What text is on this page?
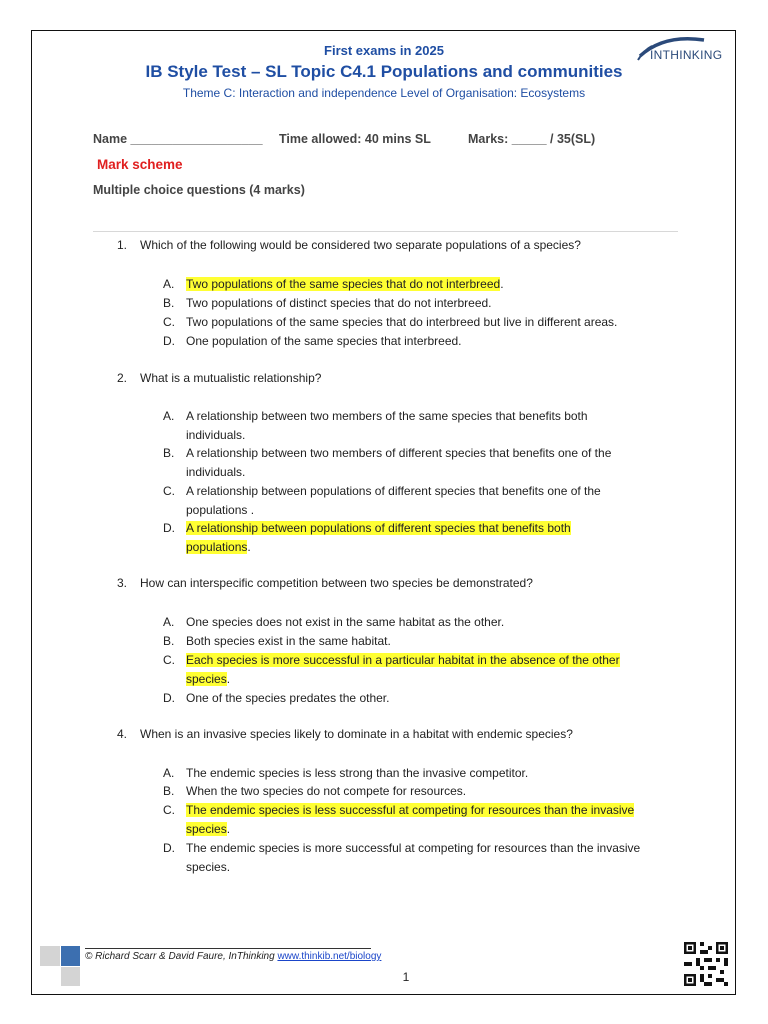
First exams in 2025
IB Style Test – SL Topic C4.1 Populations and communities
Theme C: Interaction and independence Level of Organisation: Ecosystems
INTHINKING
Name ___________________ Time allowed: 40 mins SL	Marks: _____ / 35(SL)
Mark scheme
Multiple choice questions (4 marks)
1. Which of the following would be considered two separate populations of a species?
A. Two populations of the same species that do not interbreed.
B. Two populations of distinct species that do not interbreed.
C. Two populations of the same species that do interbreed but live in different areas.
D. One population of the same species that interbreed.
2. What is a mutualistic relationship?
A. A relationship between two members of the same species that benefits both
individuals.
B. A relationship between two members of different species that benefits one of the
individuals.
C. A relationship between populations of different species that benefits one of the
populations .
D. A relationship between populations of different species that benefits both
populations.
3. How can interspecific competition between two species be demonstrated?
A. One species does not exist in the same habitat as the other.
B. Both species exist in the same habitat.
C. Each species is more successful in a particular habitat in the absence of the other
species.
D. One of the species predates the other.
4. When is an invasive species likely to dominate in a habitat with endemic species?
A. The endemic species is less strong than the invasive competitor.
B. When the two species do not compete for resources.
C. The endemic species is less successful at competing for resources than the invasive
species.
D. The endemic species is more successful at competing for resources than the invasive
species.
© Richard Scarr & David Faure, InThinking www.thinkib.net/biology
1
